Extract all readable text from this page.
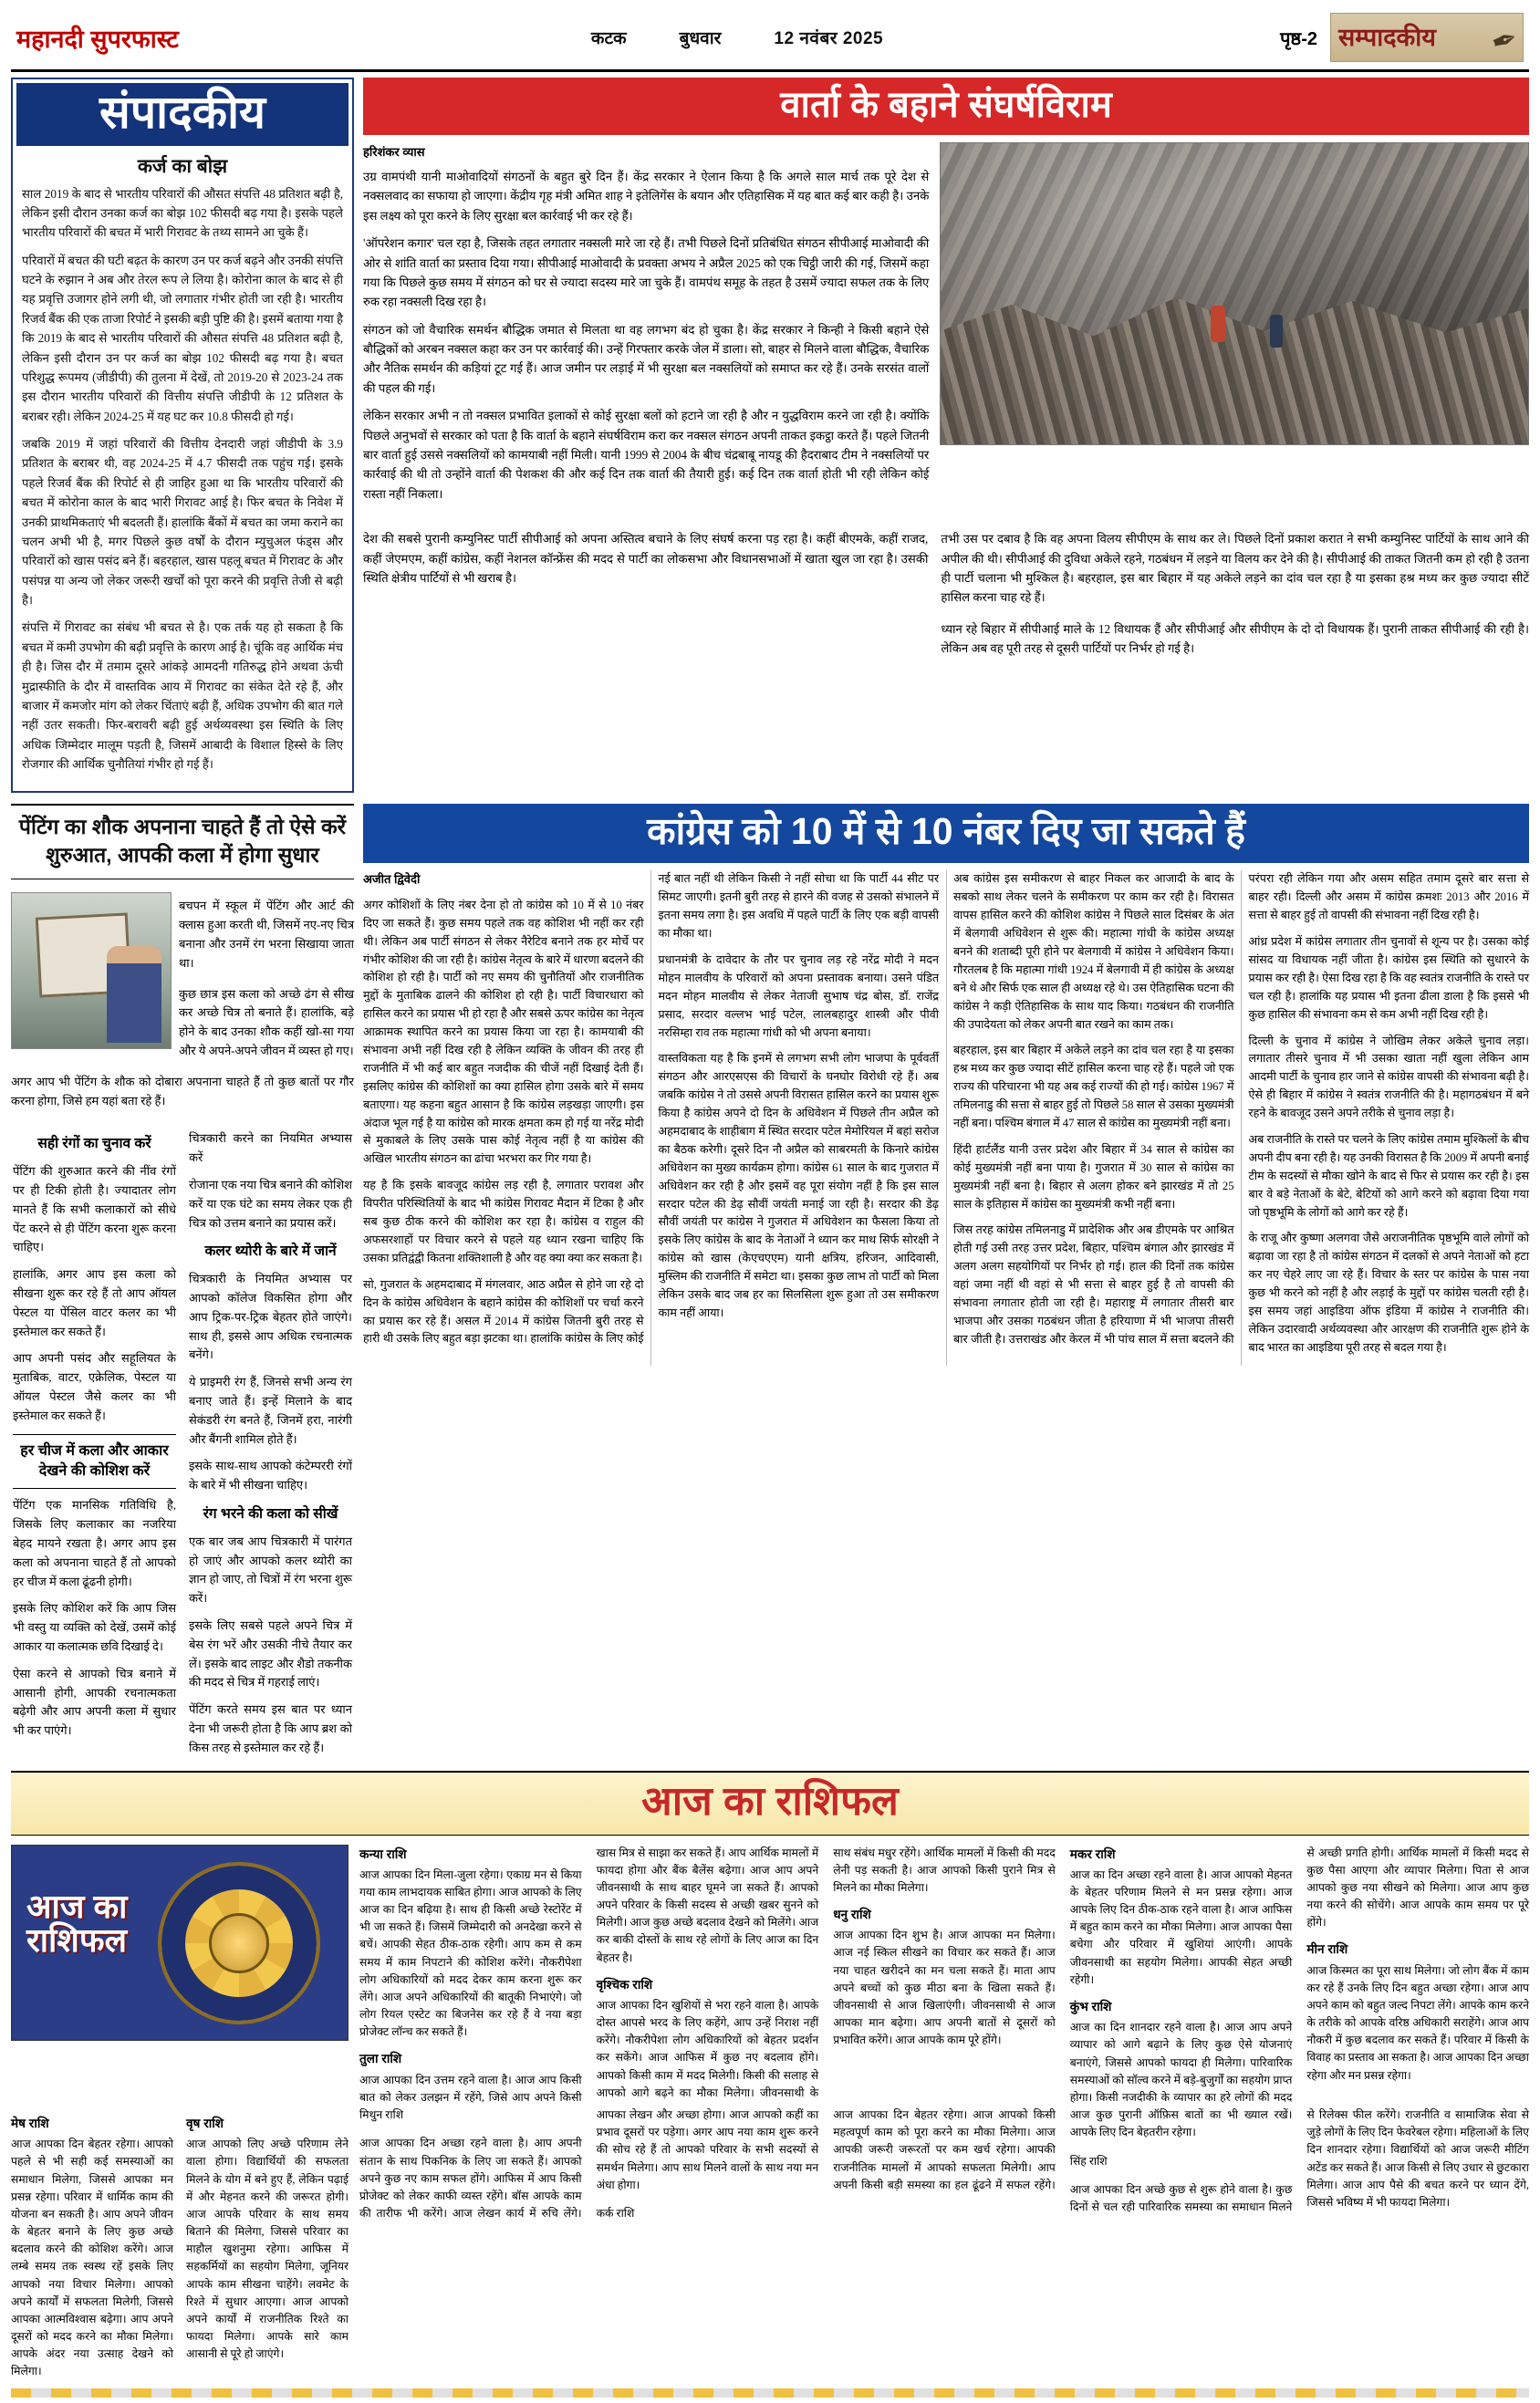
महानदी सुपरफास्ट	कटक	बुधवार	12 नवंबर 2025	पृष्ठ-2 सम्पादकीय ✒
संपादकीय
कर्ज का बोझ

साल 2019 के बाद से भारतीय परिवारों की औसत संपत्ति 48 प्रतिशत बढ़ी है, लेकिन इसी दौरान उनका कर्ज का बोझ 102 फीसदी बढ़ गया है। इसके पहले भारतीय परिवारों की बचत में भारी गिरावट के तथ्य सामने आ चुके हैं।

परिवारों में बचत की घटी बढ़त के कारण उन पर कर्ज बढ़ने और उनकी संपत्ति घटने के रुझान ने अब और तेरल रूप ले लिया है। कोरोना काल के बाद से ही यह प्रवृत्ति उजागर होने लगी थी, जो लगातार गंभीर होती जा रही है। भारतीय रिजर्व बैंक की एक ताजा रिपोर्ट ने इसकी बड़ी पुष्टि की है। इसमें बताया गया है कि 2019 के बाद से भारतीय परिवारों की औसत संपत्ति 48 प्रतिशत बढ़ी है, लेकिन इसी दौरान उन पर कर्ज का बोझ 102 फीसदी बढ़ गया है। बचत परिशुद्ध रूपमय (जीडीपी) की तुलना में देखें, तो 2019-20 से 2023-24 तक इस दौरान भारतीय परिवारों की वित्तीय संपत्ति जीडीपी के 12 प्रतिशत के बराबर रही। लेकिन 2024-25 में यह घट कर 10.8 फीसदी हो गई।

जबकि 2019 में जहां परिवारों की वित्तीय देनदारी जहां जीडीपी के 3.9 प्रतिशत के बराबर थी, वह 2024-25 में 4.7 फीसदी तक पहुंच गई। इसके पहले रिजर्व बैंक की रिपोर्ट से ही जाहिर हुआ था कि भारतीय परिवारों की बचत में कोरोना काल के बाद भारी गिरावट आई है। फिर बचत के निवेश में उनकी प्राथमिकताएं भी बदलती हैं। हालांकि बैंकों में बचत का जमा कराने का चलन अभी भी है, मगर पिछले कुछ वर्षों के दौरान म्युचुअल फंड्स और परिवारों को खास पसंद बने हैं। बहरहाल, खास पहलू बचत में गिरावट के और पसंपन्न या अन्य जो लेकर जरूरी खर्चों को पूरा करने की प्रवृत्ति तेजी से बढ़ी है।

संपत्ति में गिरावट का संबंध भी बचत से है। एक तर्क यह हो सकता है कि बचत में कमी उपभोग की बढ़ी प्रवृत्ति के कारण आई है। चूंकि वह आर्थिक मंच ही है। जिस दौर में तमाम दूसरे आंकड़े आमदनी गतिरुद्ध होने अथवा ऊंची मुद्रास्फीति के दौर में वास्तविक आय में गिरावट का संकेत देते रहे हैं, और बाजार में कमजोर मांग को लेकर चिंताएं बढ़ी हैं, अधिक उपभोग की बात गले नहीं उतर सकती। फिर-बरावरी बढ़ी हुई अर्थव्यवस्था इस स्थिति के लिए अधिक जिम्मेदार मालूम पड़ती है, जिसमें आबादी के विशाल हिस्से के लिए रोजगार की आर्थिक चुनौतियां गंभीर हो गई हैं।

वार्ता के बहाने संघर्षविराम
हरिशंकर व्यास

उग्र वामपंथी यानी माओवादियों संगठनों के बहुत बुरे दिन हैं। केंद्र सरकार ने ऐलान किया है कि अगले साल मार्च तक पूरे देश से नक्सलवाद का सफाया हो जाएगा। केंद्रीय गृह मंत्री अमित शाह ने इतेलिगेंस के बयान और एतिहासिक में यह बात कई बार कही है। उनके इस लक्ष्य को पूरा करने के लिए सुरक्षा बल कार्रवाई भी कर रहे हैं।

'ऑपरेशन कगार' चल रहा है, जिसके तहत लगातार नक्सली मारे जा रहे हैं। तभी पिछले दिनों प्रतिबंधित संगठन सीपीआई माओवादी की ओर से शांति वार्ता का प्रस्ताव दिया गया। सीपीआई माओवादी के प्रवक्ता अभय ने अप्रैल 2025 को एक चिट्ठी जारी की गई, जिसमें कहा गया कि पिछले कुछ समय में संगठन को घर से ज्यादा सदस्य मारे जा चुके हैं। वामपंथ समूह के तहत है उसमें ज्यादा सफल तक के लिए रुक रहा नक्सली दिख रहा है।

संगठन को जो वैचारिक समर्थन बौद्धिक जमात से मिलता था वह लगभग बंद हो चुका है। केंद्र सरकार ने किन्ही ने किसी बहाने ऐसे बौद्धिकों को अरबन नक्सल कहा कर उन पर कार्रवाई की। उन्हें गिरफ्तार करके जेल में डाला। सो, बाहर से मिलने वाला बौद्धिक, वैचारिक और नैतिक समर्थन की कड़ियां टूट गई हैं। आज जमीन पर लड़ाई में भी सुरक्षा बल नक्सलियों को समाप्त कर रहे हैं। उनके सरसंत वालों की पहल की गई।

लेकिन सरकार अभी न तो नक्सल प्रभावित इलाकों से कोई सुरक्षा बलों को हटाने जा रही है और न युद्धविराम करने जा रही है। क्योंकि पिछले अनुभवों से सरकार को पता है कि वार्ता के बहाने संघर्षविराम करा कर नक्सल संगठन अपनी ताकत इकट्ठा करते हैं। पहले जितनी बार वार्ता हुई उससे नक्सलियों को कामयाबी नहीं मिली। यानी 1999 से 2004 के बीच चंद्रबाबू नायडू की हैदराबाद टीम ने नक्सलियों पर कार्रवाई की थी तो उन्होंने वार्ता की पेशकश की और कई दिन तक वार्ता की तैयारी हुई। कई दिन तक वार्ता होती भी रही लेकिन कोई रास्ता नहीं निकला।

देश की सबसे पुरानी कम्युनिस्ट पार्टी सीपीआई को अपना अस्तित्व बचाने के लिए संघर्ष करना पड़ रहा है। कहीं बीएमके, कहीं राजद, कहीं जेएमएम, कहीं कांग्रेस, कहीं नेशनल कॉन्फ्रेंस की मदद से पार्टी का लोकसभा और विधानसभाओं में खाता खुल जा रहा है। उसकी स्थिति क्षेत्रीय पार्टियों से भी खराब है।

तभी उस पर दबाव है कि वह अपना विलय सीपीएम के साथ कर ले। पिछले दिनों प्रकाश करात ने सभी कम्युनिस्ट पार्टियों के साथ आने की अपील की थी। सीपीआई की दुविधा अकेले रहने, गठबंधन में लड़ने या विलय कर देने की है। सीपीआई की ताकत जितनी कम हो रही है उतना ही पार्टी चलाना भी मुश्किल है। बहरहाल, इस बार बिहार में यह अकेले लड़ने का दांव चल रहा है या इसका हश्र मध्य कर कुछ ज्यादा सीटें हासिल करना चाह रहे हैं।

ध्यान रहे बिहार में सीपीआई माले के 12 विधायक हैं और सीपीआई और सीपीएम के दो दो विधायक हैं। पुरानी ताकत सीपीआई की रही है। लेकिन अब वह पूरी तरह से दूसरी पार्टियों पर निर्भर हो गई है।

पेंटिंग का शौक अपनाना चाहते हैं तो ऐसे करें
शुरुआत, आपकी कला में होगा सुधार

बचपन में स्कूल में पेंटिंग और आर्ट की क्लास हुआ करती थी, जिसमें नए-नए चित्र बनाना और उनमें रंग भरना सिखाया जाता था।

कुछ छात्र इस कला को अच्छे ढंग से सीख कर अच्छे चित्र तो बनाते हैं। हालांकि, बड़े होने के बाद उनका शौक कहीं खो-सा गया और ये अपने-अपने जीवन में व्यस्त हो गए।

अगर आप भी पेंटिंग के शौक को दोबारा अपनाना चाहते हैं तो कुछ बातों पर गौर करना होगा, जिसे हम यहां बता रहे हैं।

सही रंगों का चुनाव करें

पेंटिंग की शुरुआत करने की नींव रंगों पर ही टिकी होती है। ज्यादातर लोग मानते हैं कि सभी कलाकारों को सीधे पेंट करने से ही पेंटिंग करना शुरू करना चाहिए।

हालांकि, अगर आप इस कला को सीखना शुरू कर रहे हैं तो आप ऑयल पेस्टल या पेंसिल वाटर कलर का भी इस्तेमाल कर सकते हैं।

आप अपनी पसंद और सहूलियत के मुताबिक, वाटर, एक्रेलिक, पेस्टल या ऑयल पेस्टल जैसे कलर का भी इस्तेमाल कर सकते हैं।

हर चीज में कला और आकार देखने की कोशिश करें

पेंटिंग एक मानसिक गतिविधि है, जिसके लिए कलाकार का नजरिया बेहद मायने रखता है। अगर आप इस कला को अपनाना चाहते हैं तो आपको हर चीज में कला ढूंढनी होगी।

इसके लिए कोशिश करें कि आप जिस भी वस्तु या व्यक्ति को देखें, उसमें कोई आकार या कलात्मक छवि दिखाई दे।

ऐसा करने से आपको चित्र बनाने में आसानी होगी, आपकी रचनात्मकता बढ़ेगी और आप अपनी कला में सुधार भी कर पाएंगे।

चित्रकारी करने का नियमित अभ्यास करें

रोजाना एक नया चित्र बनाने की कोशिश करें या एक घंटे का समय लेकर एक ही चित्र को उत्तम बनाने का प्रयास करें।

कलर थ्योरी के बारे में जानें

चित्रकारी के नियमित अभ्यास पर आपको कॉलेज विकसित होगा और आप ट्रिक-पर-ट्रिक बेहतर होते जाएंगे। साथ ही, इससे आप अधिक रचनात्मक बनेंगे।

ये प्राइमरी रंग हैं, जिनसे सभी अन्य रंग बनाए जाते हैं। इन्हें मिलाने के बाद सेकंडरी रंग बनते हैं, जिनमें हरा, नारंगी और बैंगनी शामिल होते हैं।

इसके साथ-साथ आपको कंटेम्पररी रंगों के बारे में भी सीखना चाहिए।

रंग भरने की कला को सीखें

एक बार जब आप चित्रकारी में पारंगत हो जाएं और आपको कलर थ्योरी का ज्ञान हो जाए, तो चित्रों में रंग भरना शुरू करें।

इसके लिए सबसे पहले अपने चित्र में बेस रंग भरें और उसकी नीचे तैयार कर लें। इसके बाद लाइट और शैडो तकनीक की मदद से चित्र में गहराई लाएं।

पेंटिंग करते समय इस बात पर ध्यान देना भी जरूरी होता है कि आप ब्रश को किस तरह से इस्तेमाल कर रहे हैं।

कांग्रेस को 10 में से 10 नंबर दिए जा सकते हैं
अजीत द्विवेदी

अगर कोशिशों के लिए नंबर देना हो तो कांग्रेस को 10 में से 10 नंबर दिए जा सकते हैं। कुछ समय पहले तक वह कोशिश भी नहीं कर रही थी। लेकिन अब पार्टी संगठन से लेकर नैरेटिव बनाने तक हर मोर्चे पर गंभीर कोशिश की जा रही है। कांग्रेस नेतृत्व के बारे में धारणा बदलने की कोशिश हो रही है। पार्टी को नए समय की चुनौतियों और राजनीतिक मुद्दों के मुताबिक ढालने की कोशिश हो रही है। पार्टी विचारधारा को हासिल करने का प्रयास भी हो रहा है और सबसे ऊपर कांग्रेस का नेतृत्व आक्रामक स्थापित करने का प्रयास किया जा रहा है। कामयाबी की संभावना अभी नहीं दिख रही है लेकिन व्यक्ति के जीवन की तरह ही राजनीति में भी कई बार बहुत नजदीक की चीजें नहीं दिखाई देती हैं। इसलिए कांग्रेस की कोशिशों का क्या हासिल होगा उसके बारे में समय बताएगा। यह कहना बहुत आसान है कि कांग्रेस लड़खड़ा जाएगी। इस अंदाज भूल गई है या कांग्रेस को मारक क्षमता कम हो गई या नरेंद्र मोदी से मुकाबले के लिए उसके पास कोई नेतृत्व नहीं है या कांग्रेस की अखिल भारतीय संगठन का ढांचा भरभरा कर गिर गया है।

यह है कि इसके बावजूद कांग्रेस लड़ रही है, लगातार परावश और विपरीत परिस्थितियों के बाद भी कांग्रेस गिरावट मैदान में टिका है और सब कुछ ठीक करने की कोशिश कर रहा है। कांग्रेस व राहुल की अफसरशाहों पर विचार करने से पहले यह ध्यान रखना चाहिए कि उसका प्रतिद्वंद्वी कितना शक्तिशाली है और वह क्या क्या कर सकता है।

सो, गुजरात के अहमदाबाद में मंगलवार, आठ अप्रैल से होने जा रहे दो दिन के कांग्रेस अधिवेशन के बहाने कांग्रेस की कोशिशों पर चर्चा करने का प्रयास कर रहे हैं। असल में 2014 में कांग्रेस जितनी बुरी तरह से हारी थी उसके लिए बहुत बड़ा झटका था। हालांकि कांग्रेस के लिए कोई नई बात नहीं थी लेकिन किसी ने नहीं सोचा था कि पार्टी 44 सीट पर सिमट जाएगी। इतनी बुरी तरह से हारने की वजह से उसको संभालने में इतना समय लगा है। इस अवधि में पहले पार्टी के लिए एक बड़ी वापसी का मौका था।

प्रधानमंत्री के दावेदार के तौर पर चुनाव लड़ रहे नरेंद्र मोदी ने मदन मोहन मालवीय के परिवारों को अपना प्रस्तावक बनाया। उसने पंडित मदन मोहन मालवीय से लेकर नेताजी सुभाष चंद्र बोस, डॉ. राजेंद्र प्रसाद, सरदार वल्लभ भाई पटेल, लालबहादुर शास्त्री और पीवी नरसिम्हा राव तक महात्मा गांधी को भी अपना बनाया।

वास्तविकता यह है कि इनमें से लगभग सभी लोग भाजपा के पूर्ववर्ती संगठन और आरएसएस की विचारों के घनघोर विरोधी रहे हैं। अब जबकि कांग्रेस ने तो उससे अपनी विरासत हासिल करने का प्रयास शुरू किया है कांग्रेस अपने दो दिन के अधिवेशन में पिछले तीन अप्रैल को अहमदाबाद के शाहीबाग में स्थित सरदार पटेल मेमोरियल में बहां सरोज का बैठक करेगी। दूसरे दिन नौ अप्रैल को साबरमती के किनारे कांग्रेस अधिवेशन का मुख्य कार्यक्रम होगा। कांग्रेस 61 साल के बाद गुजरात में अधिवेशन कर रही है और इसमें वह पूरा संयोग नहीं है कि इस साल सरदार पटेल की डेढ़ सौवीं जयंती मनाई जा रही है। सरदार की डेढ़ सौवीं जयंती पर कांग्रेस ने गुजरात में अधिवेशन का फैसला किया तो इसके लिए कांग्रेस के बाद के नेताओं ने ध्यान कर माथ सिर्फ सोरक्षी ने कांग्रेस को खास (केएचएएम) यानी क्षत्रिय, हरिजन, आदिवासी, मुस्लिम की राजनीति में समेटा था। इसका कुछ लाभ तो पार्टी को मिला लेकिन उसके बाद जब हर का सिलसिला शुरू हुआ तो उस समीकरण काम नहीं आया।

अब कांग्रेस इस समीकरण से बाहर निकल कर आजादी के बाद के सबको साथ लेकर चलने के समीकरण पर काम कर रही है। विरासत वापस हासिल करने की कोशिश कांग्रेस ने पिछले साल दिसंबर के अंत में बेलगावी अधिवेशन से शुरू की। महात्मा गांधी के कांग्रेस अध्यक्ष बनने की शताब्दी पूरी होने पर बेलगावी में कांग्रेस ने अधिवेशन किया। गौरतलब है कि महात्मा गांधी 1924 में बेलगावी में ही कांग्रेस के अध्यक्ष बने थे और सिर्फ एक साल ही अध्यक्ष रहे थे। उस ऐतिहासिक घटना की कांग्रेस ने कड़ी ऐतिहासिक के साथ याद किया। गठबंधन की राजनीति की उपादेयता को लेकर अपनी बात रखने का काम तक।

बहरहाल, इस बार बिहार में अकेले लड़ने का दांव चल रहा है या इसका हश्र मध्य कर कुछ ज्यादा सीटें हासिल करना चाह रहे हैं। पहले जो एक राज्य की परिचारना भी यह अब कई राज्यों की हो गई। कांग्रेस 1967 में तमिलनाडु की सत्ता से बाहर हुई तो पिछले 58 साल से उसका मुख्यमंत्री नहीं बना। पश्चिम बंगाल में 47 साल से कांग्रेस का मुख्यमंत्री नहीं बना।

हिंदी हार्टलैंड यानी उत्तर प्रदेश और बिहार में 34 साल से कांग्रेस का कोई मुख्यमंत्री नहीं बना पाया है। गुजरात में 30 साल से कांग्रेस का मुख्यमंत्री नहीं बना है। बिहार से अलग होकर बने झारखंड में तो 25 साल के इतिहास में कांग्रेस का मुख्यमंत्री कभी नहीं बना।

जिस तरह कांग्रेस तमिलनाडु में प्रादेशिक और अब डीएमके पर आश्रित होती गई उसी तरह उत्तर प्रदेश, बिहार, पश्चिम बंगाल और झारखंड में अलग अलग सहयोगियों पर निर्भर हो गई। हाल की दिनों तक कांग्रेस वहां जमा नहीं थी वहां से भी सत्ता से बाहर हुई है तो वापसी की संभावना लगातार होती जा रही है। महाराष्ट्र में लगातार तीसरी बार भाजपा और उसका गठबंधन जीता है हरियाणा में भी भाजपा तीसरी बार जीती है। उत्तराखंड और केरल में भी पांच साल में सत्ता बदलने की परंपरा रही लेकिन गया और असम सहित तमाम दूसरे बार सत्ता से बाहर रही। दिल्ली और असम में कांग्रेस क्रमशः 2013 और 2016 में सत्ता से बाहर हुई तो वापसी की संभावना नहीं दिख रही है।

आंध्र प्रदेश में कांग्रेस लगातार तीन चुनावों से शून्य पर है। उसका कोई सांसद या विधायक नहीं जीता है। कांग्रेस इस स्थिति को सुधारने के प्रयास कर रही है। ऐसा दिख रहा है कि वह स्वतंत्र राजनीति के रास्ते पर चल रही है। हालांकि यह प्रयास भी इतना ढीला डाला है कि इससे भी कुछ हासिल की संभावना कम से कम अभी नहीं दिख रही है।

दिल्ली के चुनाव में कांग्रेस ने जोखिम लेकर अकेले चुनाव लड़ा। लगातार तीसरे चुनाव में भी उसका खाता नहीं खुला लेकिन आम आदमी पार्टी के चुनाव हार जाने से कांग्रेस वापसी की संभावना बढ़ी है। ऐसे ही बिहार में कांग्रेस ने स्वतंत्र राजनीति की है। महागठबंधन में बने रहने के बावजूद उसने अपने तरीके से चुनाव लड़ा है।

अब राजनीति के रास्ते पर चलने के लिए कांग्रेस तमाम मुश्किलों के बीच अपनी दीप बना रही है। यह उनकी विरासत है कि 2009 में अपनी बनाई टीम के सदस्यों से मौका खोने के बाद से फिर से प्रयास कर रही है। इस बार वे बड़े नेताओं के बेटे, बेटियों को आगे करने को बढ़ावा दिया गया जो पृष्ठभूमि के लोगों को आगे कर रहे हैं।

के राजू और कुष्णा अलगवा जैसे अराजनीतिक पृष्ठभूमि वाले लोगों को बढ़ावा जा रहा है तो कांग्रेस संगठन में दलकों से अपने नेताओं को हटा कर नए चेहरे लाए जा रहे हैं। विचार के स्तर पर कांग्रेस के पास नया कुछ भी करने को नहीं है और लड़ाई के मुद्दों पर कांग्रेस चलती रही है। इस समय जहां आइडिया ऑफ इंडिया में कांग्रेस ने राजनीति की। लेकिन उदारवादी अर्थव्यवस्था और आरक्षण की राजनीति शुरू होने के बाद भारत का आइडिया पूरी तरह से बदल गया है।

आज का राशिफल
आज का
राशिफल
कन्या राशि

आज आपका दिन मिला-जुला रहेगा। एकाग्र मन से किया गया काम लाभदायक साबित होगा। आज आपको के लिए आज का दिन बढ़िया है। साथ ही किसी अच्छे रेस्टोरेंट में भी जा सकते हैं। जिसमें जिम्मेदारी को अनदेखा करने से बचें। आपकी सेहत ठीक-ठाक रहेगी। आप कम से कम समय में काम निपटाने की कोशिश करेंगे। नौकरीपेशा लोग अधिकारियों को मदद देकर काम करना शुरू कर लेंगे। आज अपने अधिकारियों की बातूकी निभाएंगे। जो लोग रियल एस्टेट का बिजनेस कर रहे हैं वे नया बड़ा प्रोजेक्ट लॉन्च कर सकते हैं।

तुला राशि

आज आपका दिन उत्तम रहने वाला है। आज आप किसी बात को लेकर उलझन में रहेंगे, जिसे आप अपने किसी खास मित्र से साझा कर सकते हैं। आप आर्थिक मामलों में फायदा होगा और बैंक बैलेंस बढ़ेगा। आज आप अपने जीवनसाथी के साथ बाहर घूमने जा सकते हैं। आपको अपने परिवार के किसी सदस्य से अच्छी खबर सुनने को मिलेगी। आज कुछ अच्छे बदलाव देखने को मिलेंगे। आज कर बाकी दोस्तों के साथ रहे लोगों के लिए आज का दिन बेहतर है।

वृश्चिक राशि

आज आपका दिन खुशियों से भरा रहने वाला है। आपके दोस्त आपसे भरद के लिए कहेंगे, आप उन्हें निराश नहीं करेंगे। नौकरीपेशा लोग अधिकारियों को बेहतर प्रदर्शन कर सकेंगे। आज आफिस में कुछ नए बदलाव होंगे। आपको किसी काम में मदद मिलेगी। किसी की सलाह से आपको आगे बढ़ने का मौका मिलेगा। जीवनसाथी के साथ संबंध मधुर रहेंगे। आर्थिक मामलों में किसी की मदद लेनी पड़ सकती है। आज आपको किसी पुराने मित्र से मिलने का मौका मिलेगा।

धनु राशि

आज आपका दिन शुभ है। आज आपका मन मिलेगा। आज नई स्किल सीखने का विचार कर सकते हैं। आज नया चाहत खरीदने का मन चला सकते हैं। माता आप अपने बच्चों को कुछ मीठा बना के खिला सकते हैं। जीवनसाथी से आज खिलाएंगी। जीवनसाथी से आज आपका मान बढ़ेगा। आप अपनी बातों से दूसरों को प्रभावित करेंगे। आज आपके काम पूरे होंगे।

मकर राशि

आज का दिन अच्छा रहने वाला है। आज आपको मेहनत के बेहतर परिणाम मिलने से मन प्रसन्न रहेगा। आज आपके लिए दिन ठीक-ठाक रहने वाला है। आज आफिस में बहुत काम करने का मौका मिलेगा। आज आपका पैसा बचेगा और परिवार में खुशियां आएंगी। आपके जीवनसाथी का सहयोग मिलेगा। आपकी सेहत अच्छी रहेगी।

कुंभ राशि

आज का दिन शानदार रहने वाला है। आज आप अपने व्यापार को आगे बढ़ाने के लिए कुछ ऐसे योजनाएं बनाएंगे, जिससे आपको फायदा ही मिलेगा। पारिवारिक समस्याओं को सॉल्व करने में बड़े-बुजुर्गों का सहयोग प्राप्त होगा। किसी नजदीकी के व्यापार का हरे लोगों की मदद से अच्छी प्रगति होगी। आर्थिक मामलों में किसी मदद से कुछ पैसा आएगा और व्यापार मिलेगा। पिता से आज आपको कुछ नया सीखने को मिलेगा। आज आप कुछ नया करने की सोचेंगे। आज आपके काम समय पर पूरे होंगे।

मीन राशि

आज किस्मत का पूरा साथ मिलेगा। जो लोग बैंक में काम कर रहे हैं उनके लिए दिन बहुत अच्छा रहेगा। आज आप अपने काम को बहुत जल्द निपटा लेंगे। आपके काम करने के तरीके को आपके वरिष्ठ अधिकारी सराहेंगे। आज आप नौकरी में कुछ बदलाव कर सकते हैं। परिवार में किसी के विवाह का प्रस्ताव आ सकता है। आज आपका दिन अच्छा रहेगा और मन प्रसन्न रहेगा।

मेष राशि

आज आपका दिन बेहतर रहेगा। आपको पहले से भी सही कई समस्याओं का समाधान मिलेगा, जिससे आपका मन प्रसन्न रहेगा। परिवार में धार्मिक काम की योजना बन सकती है। आप अपने जीवन के बेहतर बनाने के लिए कुछ अच्छे बदलाव करने की कोशिश करेंगे। आज लम्बे समय तक स्वस्थ रहें इसके लिए आपको नया विचार मिलेगा। आपको अपने कार्यों में सफलता मिलेगी, जिससे आपका आत्मविश्वास बढ़ेगा। आप अपने दूसरों को मदद करने का मौका मिलेगा। आपके अंदर नया उत्साह देखने को मिलेगा।

वृष राशि

आज आपको लिए अच्छे परिणाम लेने वाला होगा। विद्यार्थियों की सफलता मिलने के योग में बने हुए हैं, लेकिन पढ़ाई में और मेहनत करने की जरूरत होगी। आज आपके परिवार के साथ समय बिताने की मिलेगा, जिससे परिवार का माहौल खुशनुमा रहेगा। आफिस में सहकर्मियों का सहयोग मिलेगा, जूनियर आपके काम सीखना चाहेंगे। लवमेट के रिश्ते में सुधार आएगा। आज आपको अपने कार्यों में राजनीतिक रिश्ते का फायदा मिलेगा। आपके सारे काम आसानी से पूरे हो जाएंगे।

मिथुन राशि

आज आपका दिन अच्छा रहने वाला है। आप अपनी संतान के साथ पिकनिक के लिए जा सकते हैं। आपको अपने कुछ नए काम सफल होंगे। आफिस में आप किसी प्रोजेक्ट को लेकर काफी व्यस्त रहेंगे। बॉस आपके काम की तारीफ भी करेंगे। आज लेखन कार्य में रुचि लेंगे। आपका लेखन और अच्छा होगा। आज आपको कहीं का प्रभाव दूसरों पर पड़ेगा। अगर आप नया काम शुरू करने की सोच रहे हैं तो आपको परिवार के सभी सदस्यों से समर्थन मिलेगा। आप साथ मिलने वालों के साथ नया मन अंधा होगा।

कर्क राशि

आज आपका दिन बेहतर रहेगा। आज आपको किसी महत्वपूर्ण काम को पूरा करने का मौका मिलेगा। आज आपकी जरूरी जरूरतों पर कम खर्च रहेगा। आपकी राजनीतिक मामलों में आपको सफलता मिलेगी। आप अपनी किसी बड़ी समस्या का हल ढूंढने में सफल रहेंगे। आज कुछ पुरानी ऑफ़िस बातों का भी ख्याल रखें। आपके लिए दिन बेहतरीन रहेगा।

सिंह राशि

आज आपका दिन अच्छे कुछ से शुरू होने वाला है। कुछ दिनों से चल रही पारिवारिक समस्या का समाधान मिलने से रिलेक्स फील करेंगे। राजनीति व सामाजिक सेवा से जुड़े लोगों के लिए दिन फेवरेबल रहेगा। महिलाओं के लिए दिन शानदार रहेगा। विद्यार्थियों को आज जरूरी मीटिंग अटेंड कर सकते हैं। आज किसी से लिए उधार से छुटकारा मिलेगा। आज आप पैसे की बचत करने पर ध्यान देंगे, जिससे भविष्य में भी फायदा मिलेगा।
